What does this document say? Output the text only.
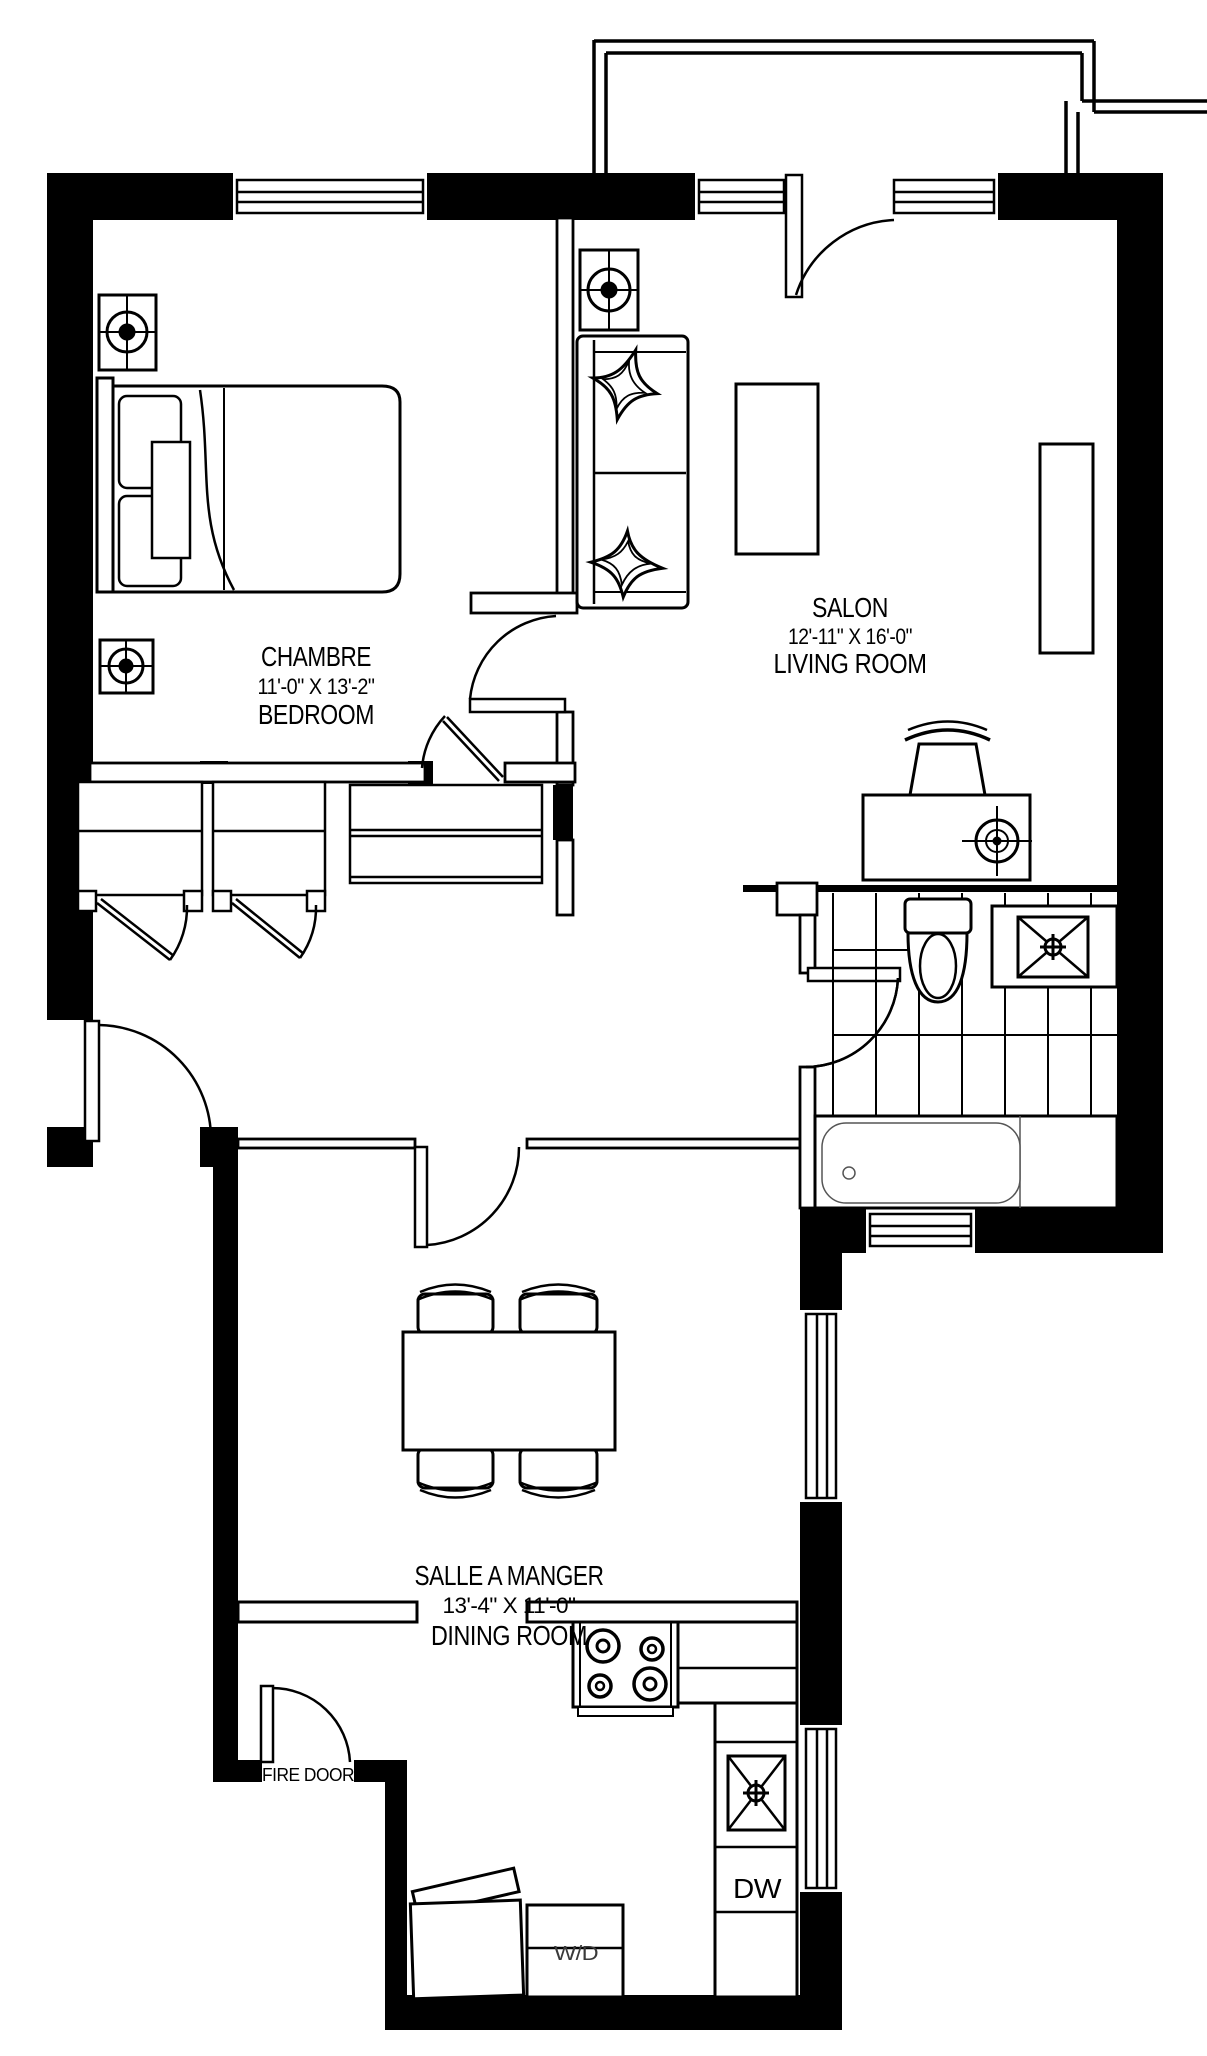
CHAMBRE
11'-0" X 13'-2"
BEDROOM
SALON
12'-11" X 16'-0"
LIVING ROOM
SALLE A MANGER
13'-4" X 11'-0"
DINING ROOM
FIRE DOOR
DW
W/D
